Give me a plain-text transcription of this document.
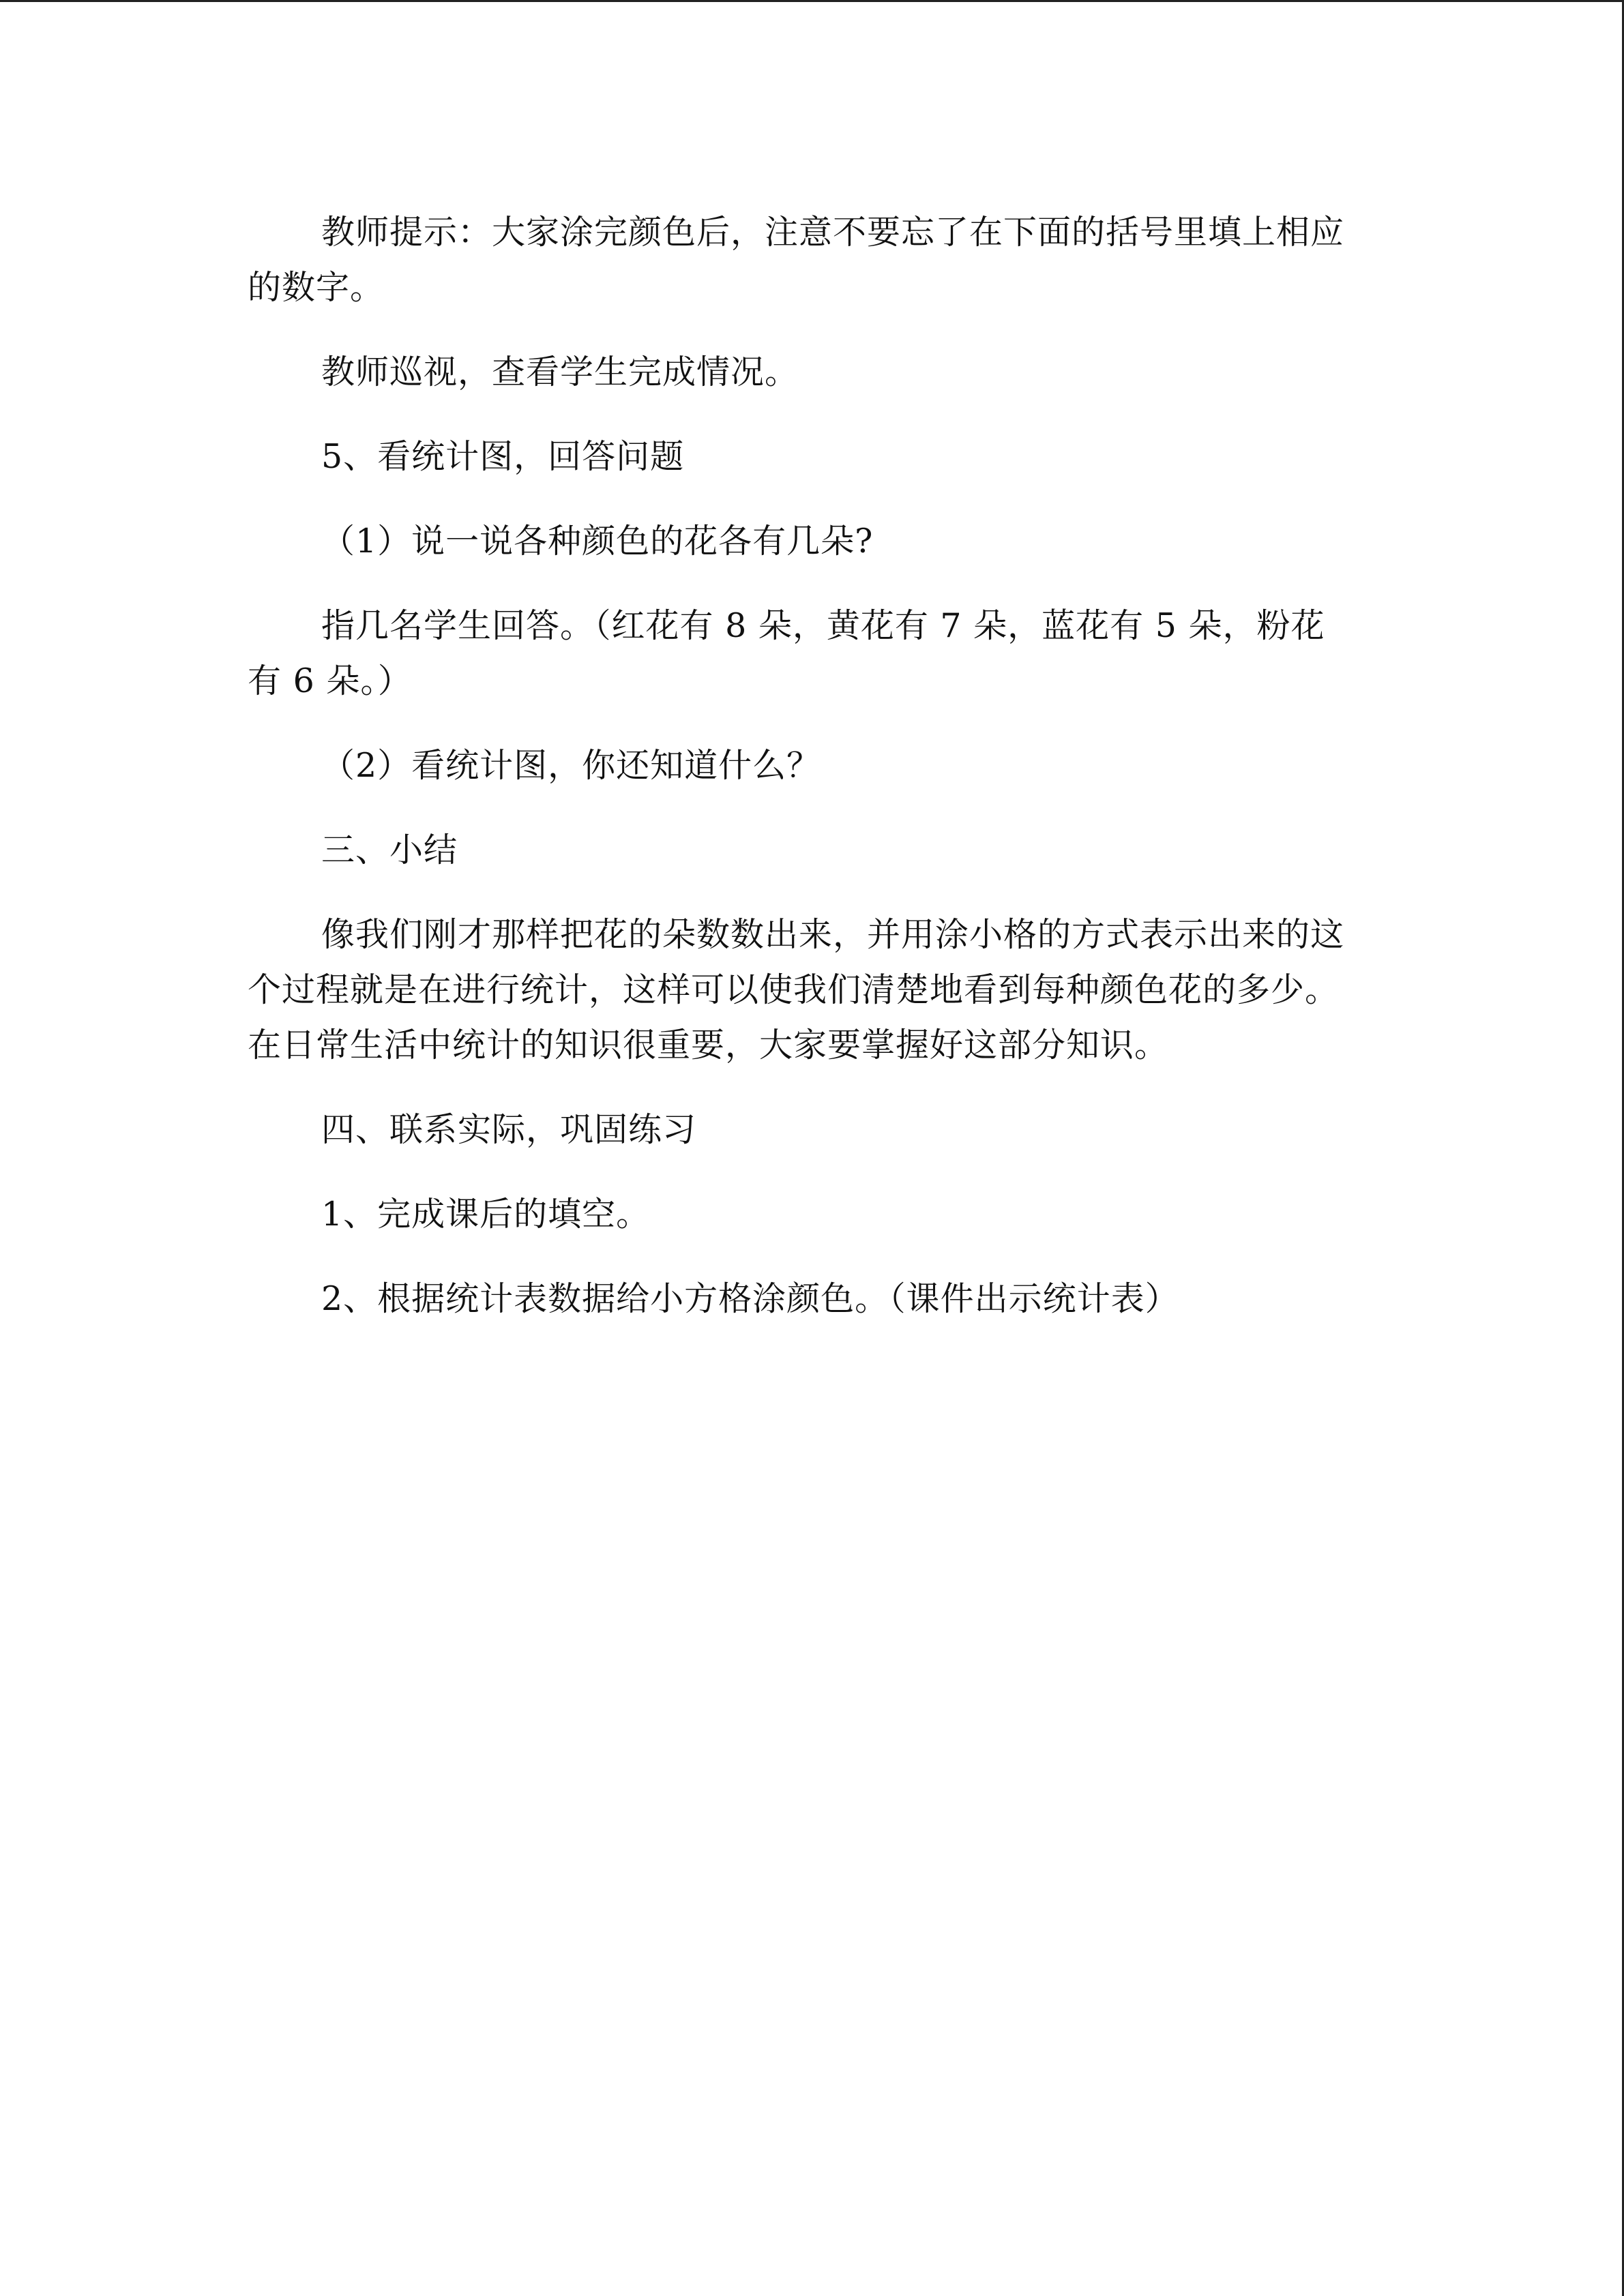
教师提示：大家涂完颜色后，注意不要忘了在下面的括号里填上相应的数字。

教师巡视，查看学生完成情况。

5、看统计图，回答问题

（1）说一说各种颜色的花各有几朵?

指几名学生回答。（红花有 8 朵，黄花有 7 朵，蓝花有 5 朵，粉花有 6 朵。）

（2）看统计图，你还知道什么？

三、小结

像我们刚才那样把花的朵数数出来，并用涂小格的方式表示出来的这个过程就是在进行统计，这样可以使我们清楚地看到每种颜色花的多少。在日常生活中统计的知识很重要，大家要掌握好这部分知识。

四、联系实际，巩固练习

1、完成课后的填空。

2、根据统计表数据给小方格涂颜色。（课件出示统计表）
